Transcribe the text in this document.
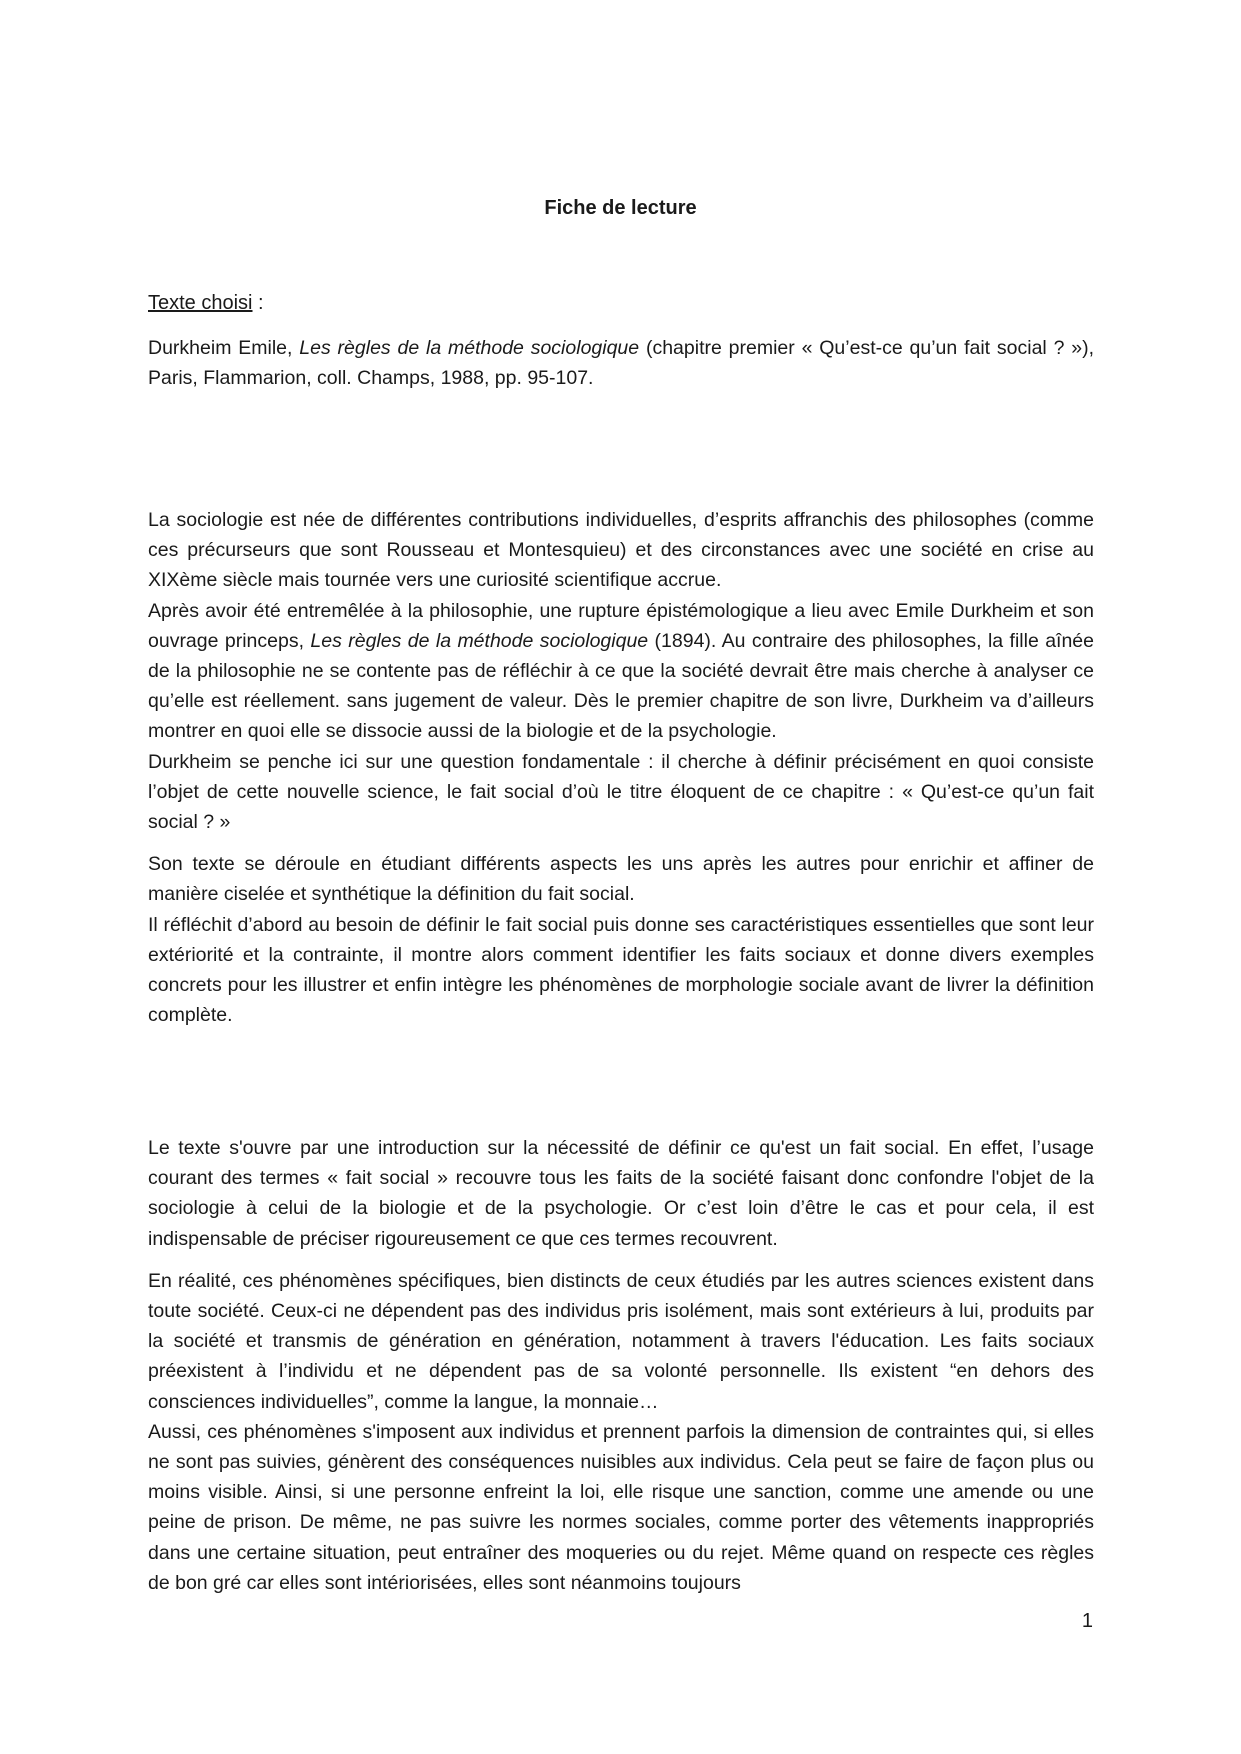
Fiche de lecture
Texte choisi :

Durkheim Emile, Les règles de la méthode sociologique (chapitre premier « Qu’est-ce qu’un fait social ? »), Paris, Flammarion, coll. Champs, 1988, pp. 95-107.

La sociologie est née de différentes contributions individuelles, d’esprits affranchis des philosophes (comme ces précurseurs que sont Rousseau et Montesquieu) et des circonstances avec une société en crise au XIXème siècle mais tournée vers une curiosité scientifique accrue.

Après avoir été entremêlée à la philosophie, une rupture épistémologique a lieu avec Emile Durkheim et son ouvrage princeps, Les règles de la méthode sociologique (1894). Au contraire des philosophes, la fille aînée de la philosophie ne se contente pas de réfléchir à ce que la société devrait être mais cherche à analyser ce qu’elle est réellement. sans jugement de valeur. Dès le premier chapitre de son livre, Durkheim va d’ailleurs montrer en quoi elle se dissocie aussi de la biologie et de la psychologie.

Durkheim se penche ici sur une question fondamentale : il cherche à définir précisément en quoi consiste l’objet de cette nouvelle science, le fait social d’où le titre éloquent de ce chapitre : « Qu’est-ce qu’un fait social ? »

Son texte se déroule en étudiant différents aspects les uns après les autres pour enrichir et affiner de manière ciselée et synthétique la définition du fait social.

Il réfléchit d’abord au besoin de définir le fait social puis donne ses caractéristiques essentielles que sont leur extériorité et la contrainte, il montre alors comment identifier les faits sociaux et donne divers exemples concrets pour les illustrer et enfin intègre les phénomènes de morphologie sociale avant de livrer la définition complète.

Le texte s'ouvre par une introduction sur la nécessité de définir ce qu'est un fait social. En effet, l’usage courant des termes « fait social » recouvre tous les faits de la société faisant donc confondre l'objet de la sociologie à celui de la biologie et de la psychologie. Or c’est loin d’être le cas et pour cela, il est indispensable de préciser rigoureusement ce que ces termes recouvrent.

En réalité, ces phénomènes spécifiques, bien distincts de ceux étudiés par les autres sciences existent dans toute société. Ceux-ci ne dépendent pas des individus pris isolément, mais sont extérieurs à lui, produits par la société et transmis de génération en génération, notamment à travers l'éducation. Les faits sociaux préexistent à l’individu et ne dépendent pas de sa volonté personnelle. Ils existent “en dehors des consciences individuelles”, comme la langue, la monnaie…

Aussi, ces phénomènes s'imposent aux individus et prennent parfois la dimension de contraintes qui, si elles ne sont pas suivies, génèrent des conséquences nuisibles aux individus. Cela peut se faire de façon plus ou moins visible. Ainsi, si une personne enfreint la loi, elle risque une sanction, comme une amende ou une peine de prison. De même, ne pas suivre les normes sociales, comme porter des vêtements inappropriés dans une certaine situation, peut entraîner des moqueries ou du rejet. Même quand on respecte ces règles de bon gré car elles sont intériorisées, elles sont néanmoins toujours

1
